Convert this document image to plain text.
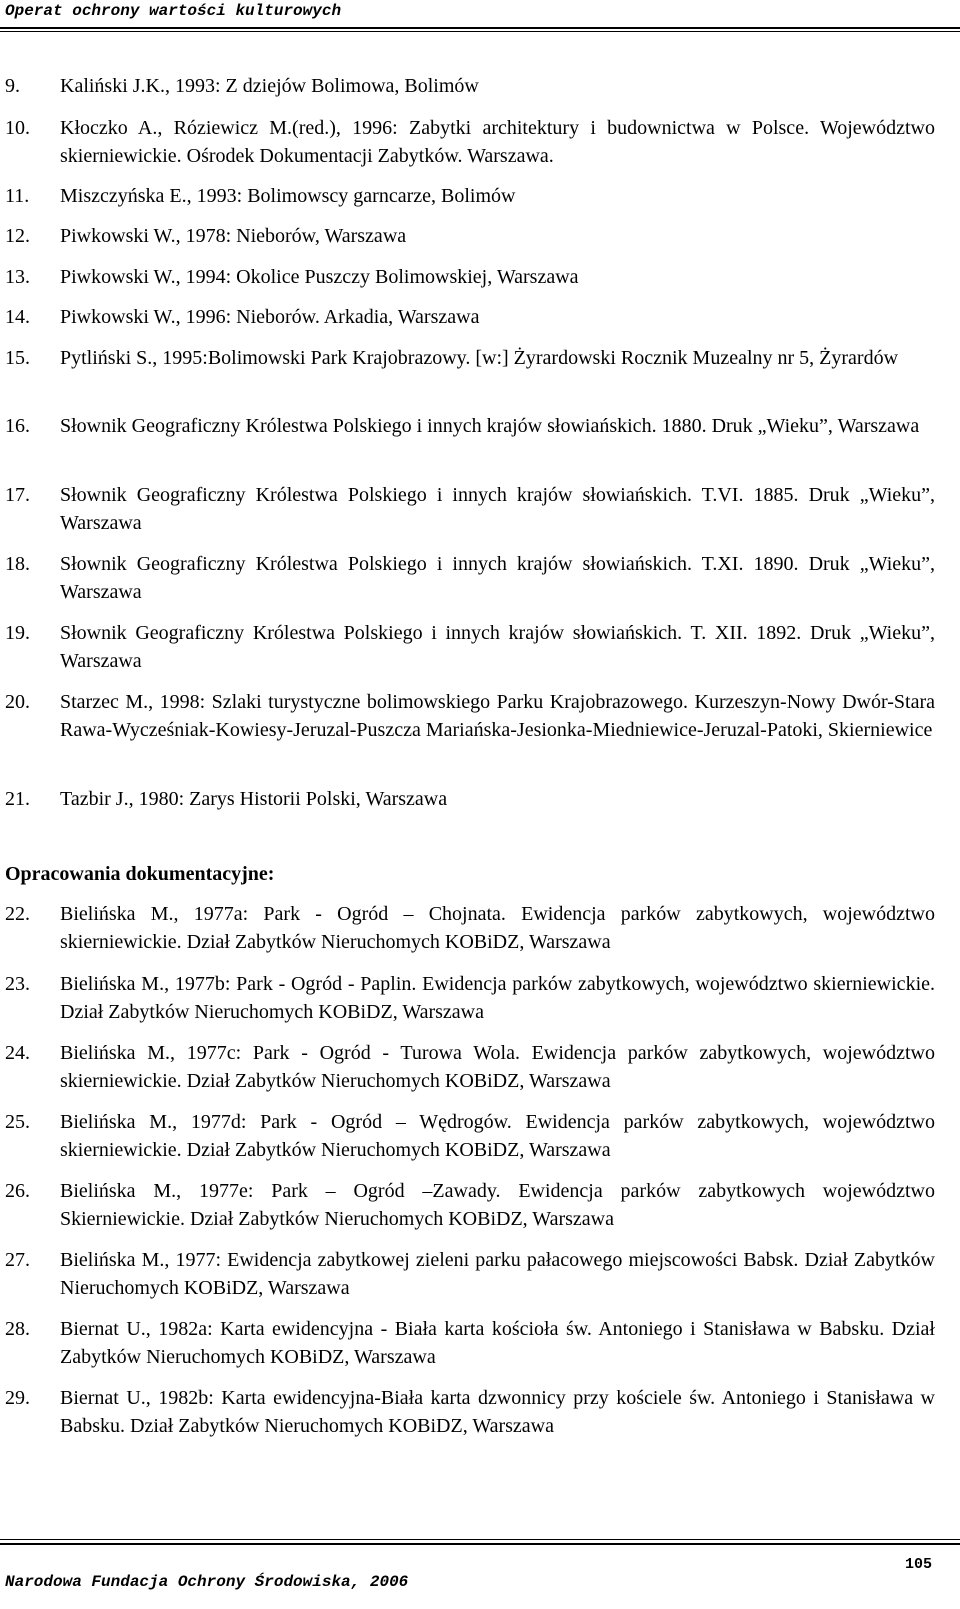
Operat ochrony wartości kulturowych
9. Kaliński J.K., 1993: Z dziejów Bolimowa, Bolimów
10. Kłoczko A., Róziewicz M.(red.), 1996: Zabytki architektury i budownictwa w Polsce. Województwo skierniewickie. Ośrodek Dokumentacji Zabytków. Warszawa.
11. Miszczyńska E., 1993: Bolimowscy garncarze, Bolimów
12. Piwkowski W., 1978: Nieborów, Warszawa
13. Piwkowski W., 1994: Okolice Puszczy Bolimowskiej, Warszawa
14. Piwkowski W., 1996: Nieborów. Arkadia, Warszawa
15. Pytliński S., 1995:Bolimowski Park Krajobrazowy. [w:] Żyrardowski Rocznik Muzealny nr 5, Żyrardów
16. Słownik Geograficzny Królestwa Polskiego i innych krajów słowiańskich. 1880. Druk „Wieku”, Warszawa
17. Słownik Geograficzny Królestwa Polskiego i innych krajów słowiańskich. T.VI. 1885. Druk „Wieku”, Warszawa
18. Słownik Geograficzny Królestwa Polskiego i innych krajów słowiańskich. T.XI. 1890. Druk „Wieku”, Warszawa
19. Słownik Geograficzny Królestwa Polskiego i innych krajów słowiańskich. T. XII. 1892. Druk „Wieku”, Warszawa
20. Starzec M., 1998: Szlaki turystyczne bolimowskiego Parku Krajobrazowego. Kurzeszyn-Nowy Dwór-Stara Rawa-Wycześniak-Kowiesy-Jeruzal-Puszcza Mariańska-Jesionka-Miedniewice-Jeruzal-Patoki, Skierniewice
21. Tazbir J., 1980: Zarys Historii Polski, Warszawa
Opracowania dokumentacyjne:
22. Bielińska M., 1977a: Park - Ogród – Chojnata. Ewidencja parków zabytkowych, województwo skierniewickie. Dział Zabytków Nieruchomych KOBiDZ, Warszawa
23. Bielińska M., 1977b: Park - Ogród - Paplin. Ewidencja parków zabytkowych, województwo skierniewickie. Dział Zabytków Nieruchomych KOBiDZ, Warszawa
24. Bielińska M., 1977c: Park - Ogród - Turowa Wola. Ewidencja parków zabytkowych, województwo skierniewickie. Dział Zabytków Nieruchomych KOBiDZ, Warszawa
25. Bielińska M., 1977d: Park - Ogród – Wędrogów. Ewidencja parków zabytkowych, województwo skierniewickie. Dział Zabytków Nieruchomych KOBiDZ, Warszawa
26. Bielińska M., 1977e: Park – Ogród –Zawady. Ewidencja parków zabytkowych województwo Skierniewickie. Dział Zabytków Nieruchomych KOBiDZ, Warszawa
27. Bielińska M., 1977: Ewidencja zabytkowej zieleni parku pałacowego miejscowości Babsk. Dział Zabytków Nieruchomych KOBiDZ, Warszawa
28. Biernat U., 1982a: Karta ewidencyjna - Biała karta kościoła św. Antoniego i Stanisława w Babsku. Dział Zabytków Nieruchomych KOBiDZ, Warszawa
29. Biernat U., 1982b: Karta ewidencyjna-Biała karta dzwonnicy przy kościele św. Antoniego i Stanisława w Babsku. Dział Zabytków Nieruchomych KOBiDZ, Warszawa
105
Narodowa Fundacja Ochrony Środowiska, 2006
